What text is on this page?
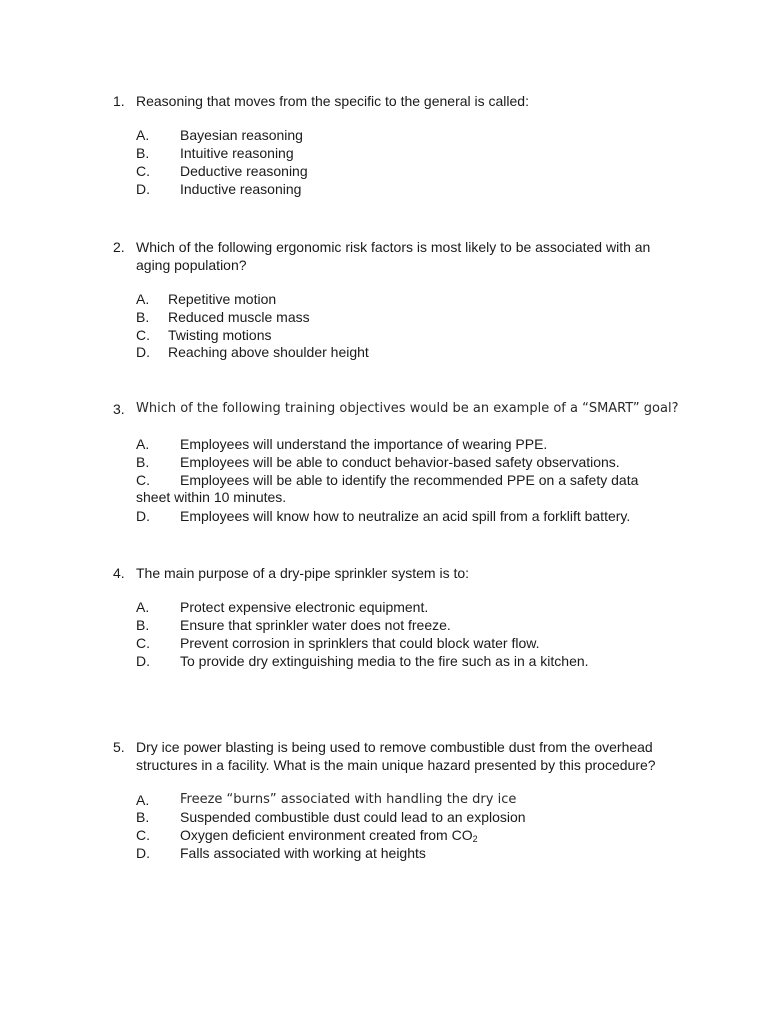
1. Reasoning that moves from the specific to the general is called:
A. Bayesian reasoning
B. Intuitive reasoning
C. Deductive reasoning
D. Inductive reasoning
2. Which of the following ergonomic risk factors is most likely to be associated with an
aging population?
A. Repetitive motion
B. Reduced muscle mass
C. Twisting motions
D. Reaching above shoulder height
3. Which of the following training objectives would be an example of a “SMART” goal?
A. Employees will understand the importance of wearing PPE.
B. Employees will be able to conduct behavior-based safety observations.
C. Employees will be able to identify the recommended PPE on a safety data
sheet within 10 minutes.
D. Employees will know how to neutralize an acid spill from a forklift battery.
4. The main purpose of a dry-pipe sprinkler system is to:
A. Protect expensive electronic equipment.
B. Ensure that sprinkler water does not freeze.
C. Prevent corrosion in sprinklers that could block water flow.
D. To provide dry extinguishing media to the fire such as in a kitchen.
5. Dry ice power blasting is being used to remove combustible dust from the overhead
structures in a facility. What is the main unique hazard presented by this procedure?
A. Freeze “burns” associated with handling the dry ice
B. Suspended combustible dust could lead to an explosion
C. Oxygen deficient environment created from $CO_2$
D. Falls associated with working at heights
